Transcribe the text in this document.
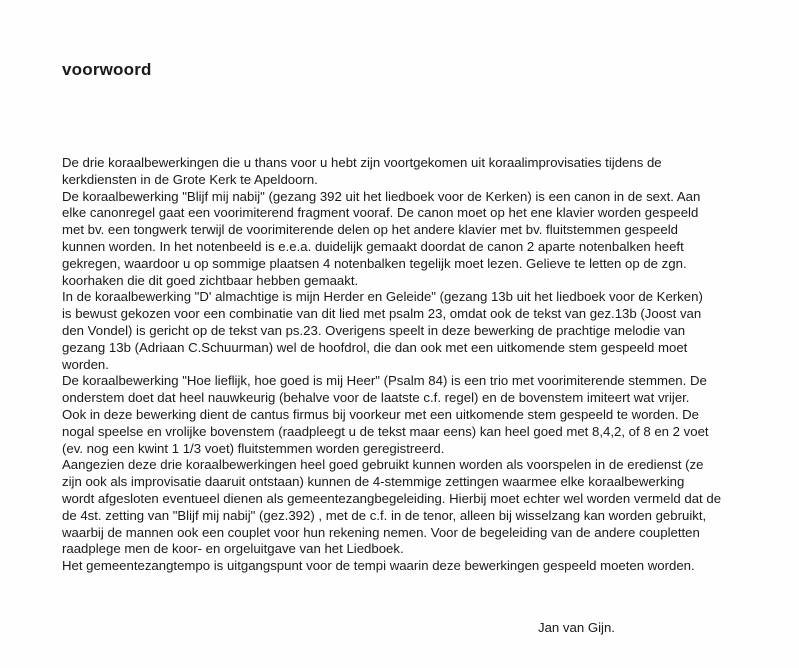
voorwoord
De drie koraalbewerkingen die u thans voor u hebt zijn voortgekomen uit koraalimprovisaties tijdens de
kerkdiensten in de Grote Kerk te Apeldoorn.
De koraalbewerking "Blijf mij nabij" (gezang 392 uit het liedboek voor de Kerken) is een canon in de sext. Aan
elke canonregel gaat een voorimiterend fragment vooraf. De canon moet op het ene klavier worden gespeeld
met bv. een tongwerk terwijl de voorimiterende delen op het andere klavier met bv. fluitstemmen gespeeld
kunnen worden. In het notenbeeld is e.e.a. duidelijk gemaakt doordat de canon 2 aparte notenbalken heeft
gekregen, waardoor u op sommige plaatsen 4 notenbalken tegelijk moet lezen. Gelieve te letten op de zgn.
koorhaken die dit goed zichtbaar hebben gemaakt.
In de koraalbewerking "D' almachtige is mijn Herder en Geleide" (gezang 13b uit het liedboek voor de Kerken)
is bewust gekozen voor een combinatie van dit lied met psalm 23, omdat ook de tekst van gez.13b (Joost van
den Vondel) is gericht op de tekst van ps.23. Overigens speelt in deze bewerking de prachtige melodie van
gezang 13b (Adriaan C.Schuurman) wel de hoofdrol, die dan ook met een uitkomende stem gespeeld moet
worden.
De koraalbewerking "Hoe lieflijk, hoe goed is mij Heer" (Psalm 84) is een trio met voorimiterende stemmen. De
onderstem doet dat heel nauwkeurig (behalve voor de laatste c.f. regel) en de bovenstem imiteert wat vrijer.
Ook in deze bewerking dient de cantus firmus bij voorkeur met een uitkomende stem gespeeld te worden. De
nogal speelse en vrolijke bovenstem (raadpleegt u de tekst maar eens) kan heel goed met 8,4,2, of 8 en 2 voet
(ev. nog een kwint 1 1/3 voet) fluitstemmen worden geregistreerd.
Aangezien deze drie koraalbewerkingen heel goed gebruikt kunnen worden als voorspelen in de eredienst (ze
zijn ook als improvisatie daaruit ontstaan) kunnen de 4-stemmige zettingen waarmee elke koraalbewerking
wordt afgesloten eventueel dienen als gemeentezangbegeleiding. Hierbij moet echter wel worden vermeld dat de
de 4st. zetting van "Blijf mij nabij" (gez.392) , met de c.f. in de tenor, alleen bij wisselzang kan worden gebruikt,
waarbij de mannen ook een couplet voor hun rekening nemen. Voor de begeleiding van de andere coupletten
raadplege men de koor- en orgeluitgave van het Liedboek.
Het gemeentezangtempo is uitgangspunt voor de tempi waarin deze bewerkingen gespeeld moeten worden.

Jan van Gijn.
